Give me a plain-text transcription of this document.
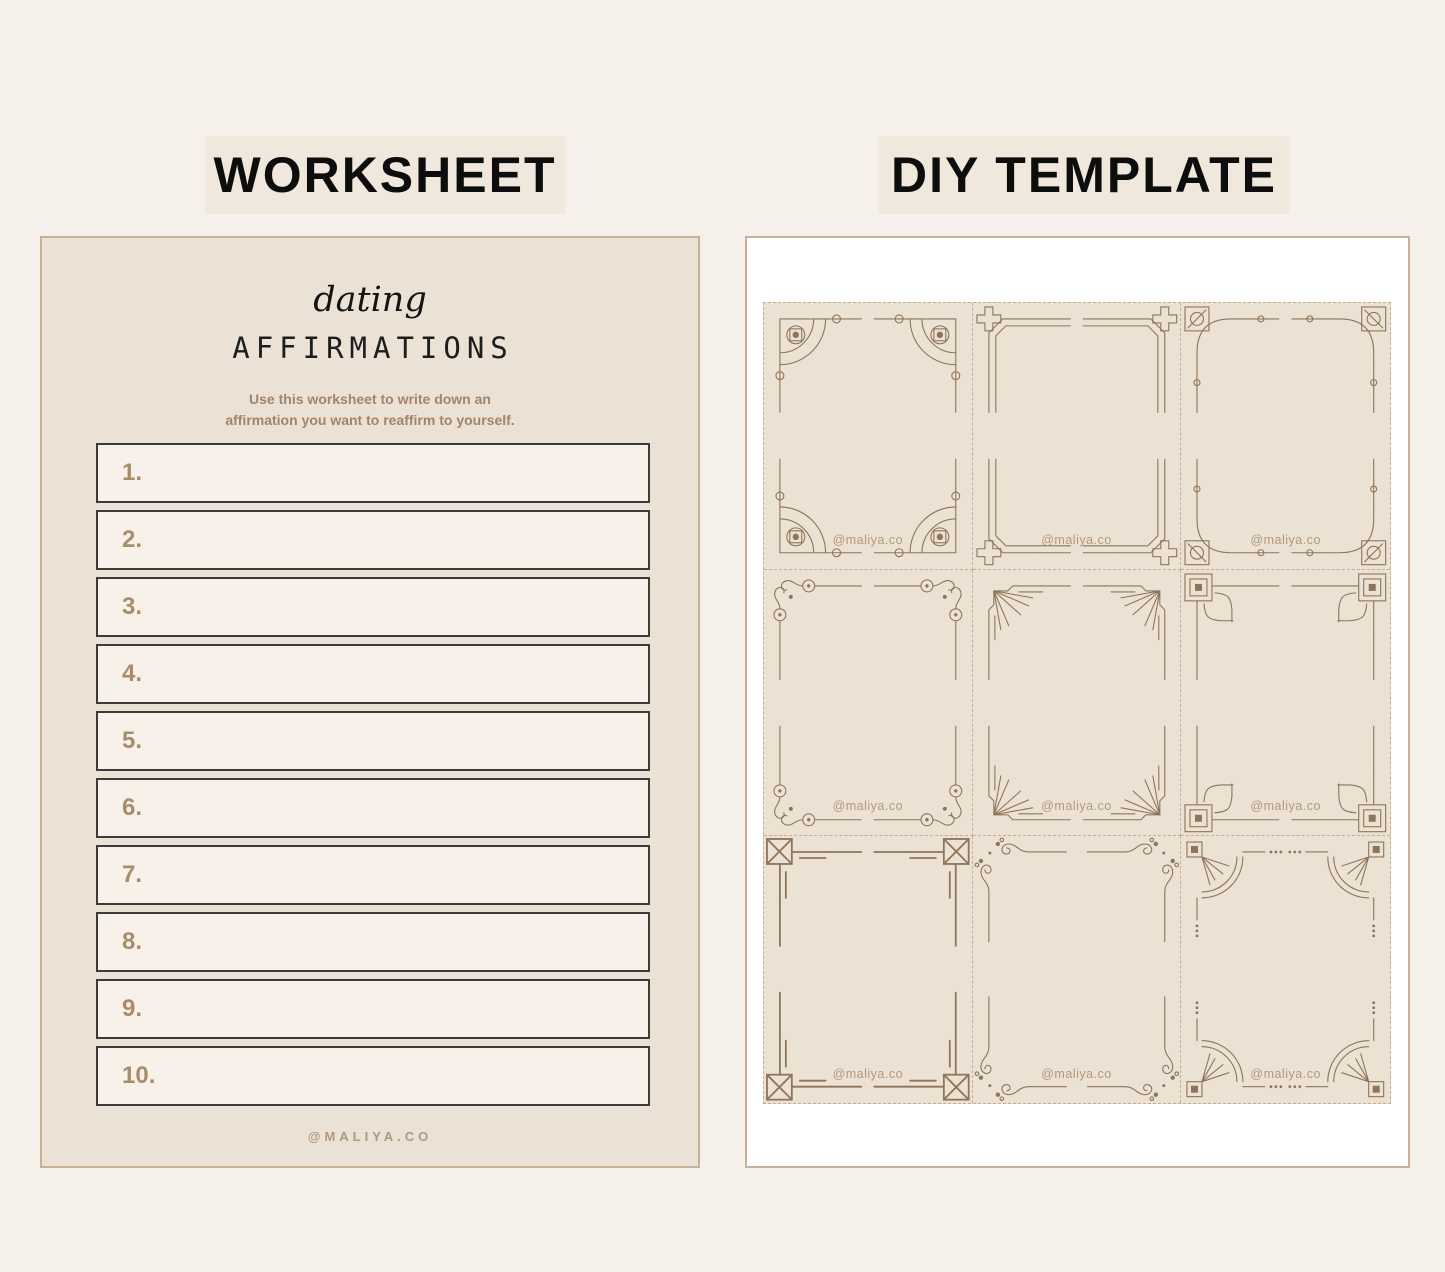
WORKSHEET	DIY TEMPLATE
dating
AFFIRMATIONS
Use this worksheet to write down an
affirmation you want to reaffirm to yourself.
1.
2.
3.
4.
5.
6.
7.
8.
9.
10.
@MALIYA.CO
@maliya.co	@maliya.co	@maliya.co
@maliya.co	@maliya.co	@maliya.co
@maliya.co	@maliya.co	@maliya.co
